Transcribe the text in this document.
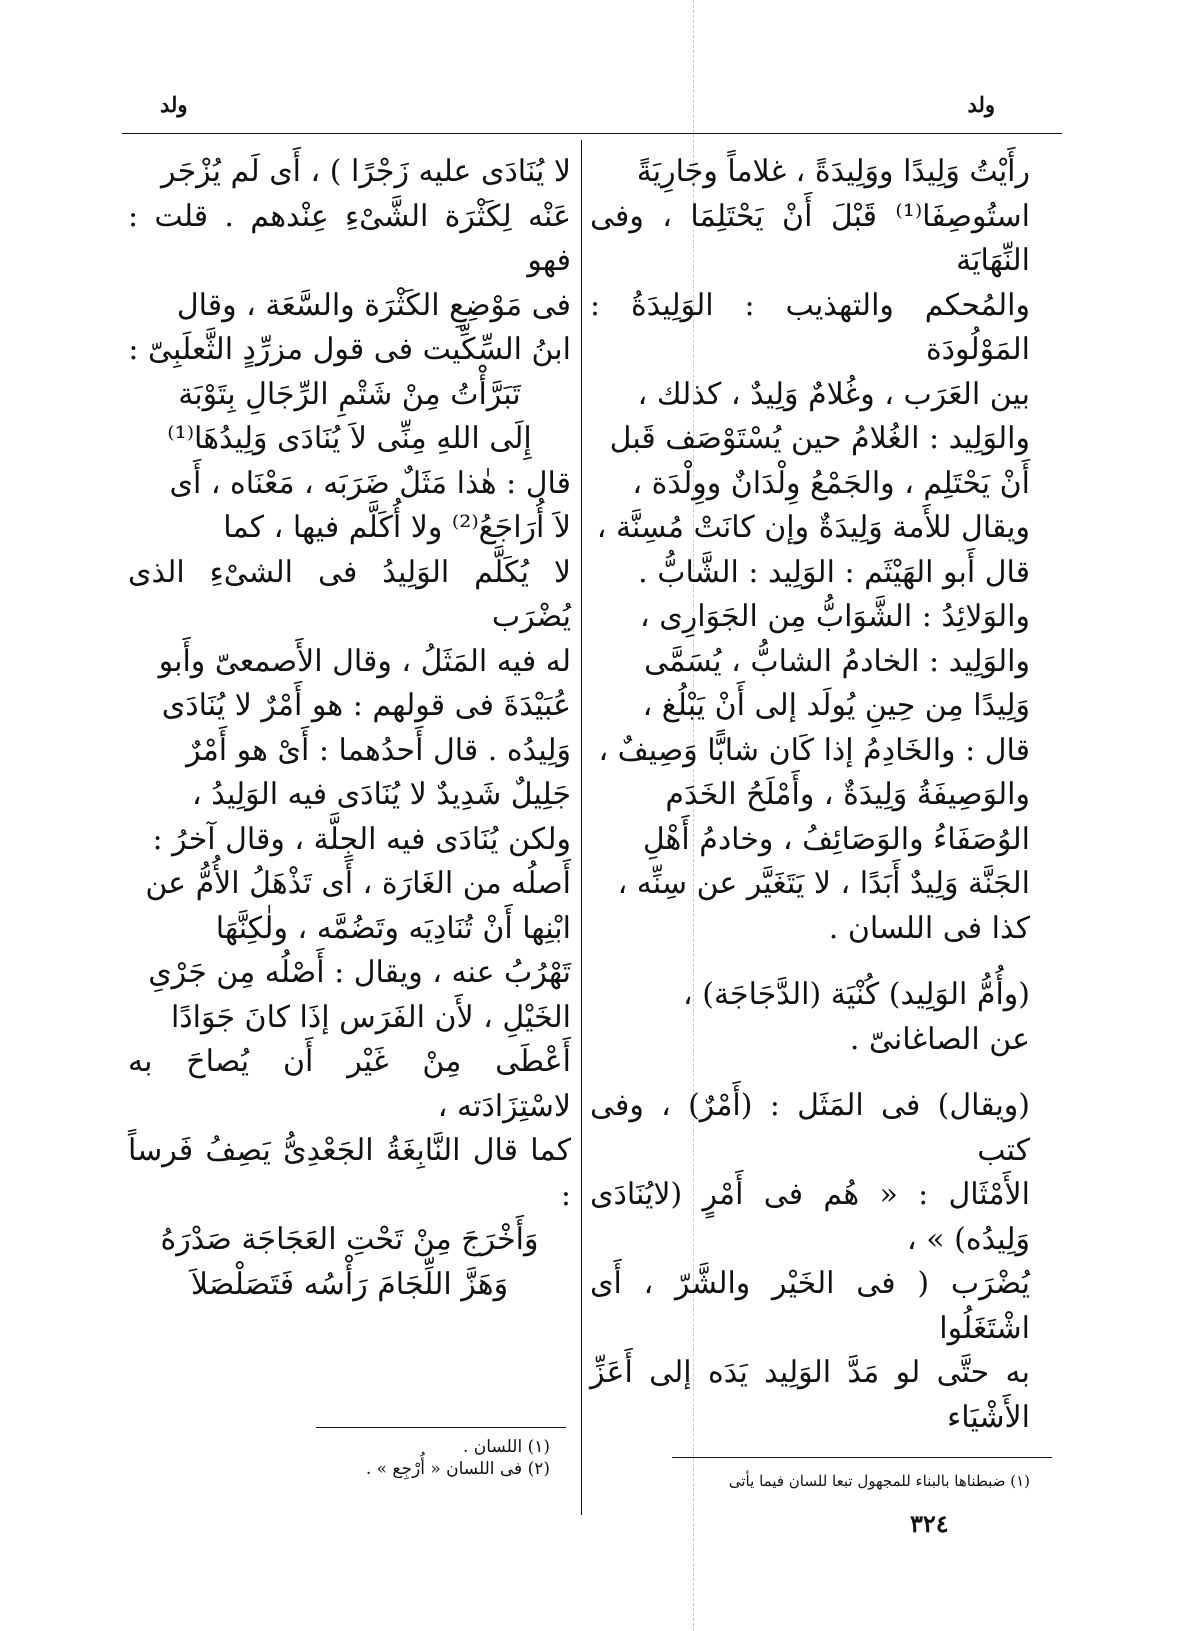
ولد
ولد

رأَيْتُ وَلِيدًا ووَلِيدَةً ، غلاماً وجَارِيَةً
استُوصِفَا⁽¹⁾ قَبْلَ أَنْ يَحْتَلِمَا ، وفى النِّهَايَة
والمُحكم والتهذيب : الوَلِيدَةُ : المَوْلُودَة
بين العَرَب ، وغُلامٌ وَلِيدٌ ، كذلك ،
والوَلِيد : الغُلامُ حين يُسْتَوْصَف قَبل
أَنْ يَحْتَلِم ، والجَمْعُ وِلْدَانٌ ووِلْدَة ،
ويقال للأَمة وَلِيدَةٌ وإن كانَتْ مُسِنَّة ،
قال أَبو الهَيْثَم : الوَلِيد : الشَّابُّ .
والوَلائِدُ : الشَّوَابُّ مِن الجَوَارِى ،
والوَلِيد : الخادمُ الشابُّ ، يُسَمَّى
وَلِيدًا مِن حِينِ يُولَد إلى أَنْ يَبْلُغ ،
قال : والخَادِمُ إذا كَان شابًّا وَصِيفٌ ،
والوَصِيفَةُ وَلِيدَةٌ ، وأَمْلَحُ الخَدَم
الوُصَفَاءُ والوَصَائِفُ ، وخادمُ أَهْلِ
الجَنَّة وَلِيدٌ أَبَدًا ، لا يَتَغَيَّر عن سِنِّه ،
كذا فى اللسان .

(وأُمُّ الوَلِيد) كُنْيَة (الدَّجَاجَة) ،
عن الصاغانىّ .

(ويقال) فى المَثَل : (أَمْرٌ) ، وفى كتب
الأَمْثَال : « هُم فى أَمْرٍ (لايُنَادَى وَلِيدُه) » ،
يُضْرَب ( فى الخَيْر والشَّرّ ، أَى اشْتَغَلُوا
به حتَّى لو مَدَّ الوَلِيد يَدَه إلى أَعَزِّ الأَشْيَاء

لا يُنَادَى عليه زَجْرًا ) ، أَى لَم يُزْجَر
عَنْه لِكَثْرَة الشَّىْءِ عِنْدهم . قلت : فهو
فى مَوْضِعِ الكَثْرَة والسَّعَة ، وقال
ابنُ السِّكِّيت فى قول مزرِّدٍ الثَّعلَبِىّ :

تَبَرَّأْتُ مِنْ شَتْمِ الرِّجَالِ بِتَوْبَة

إِلَى اللهِ مِنِّى لاَ يُنَادَى وَلِيدُهَا⁽¹⁾

قال : هٰذا مَثَلٌ ضَرَبَه ، مَعْنَاه ، أَى
لاَ أُرَاجَعُ⁽²⁾ ولا أُكَلَّم فيها ، كما
لا يُكَلَّم الوَلِيدُ فى الشىْءِ الذى يُضْرَب
له فيه المَثَلُ ، وقال الأَصمعىّ وأَبو
عُبَيْدَةَ فى قولهم : هو أَمْرٌ لا يُنَادَى
وَلِيدُه . قال أَحدُهما : أَىْ هو أَمْرٌ
جَلِيلٌ شَدِيدٌ لا يُنَادَى فيه الوَلِيدُ ،
ولكن يُنَادَى فيه الجِلَّة ، وقال آخرُ :
أَصلُه من الغَارَة ، أَى تَذْهَلُ الأُمُّ عن
ابْنِها أَنْ تُنَادِيَه وتَضُمَّه ، ولٰكِنَّهَا
تَهْرُبُ عنه ، ويقال : أَصْلُه مِن جَرْىِ
الخَيْلِ ، لأَن الفَرَس إذَا كانَ جَوَادًا
أَعْطَى مِنْ غَيْر أَن يُصاحَ به لاسْتِزَادَته ،
كما قال النَّابِغَةُ الجَعْدِىُّ يَصِفُ فَرساً :

وَأَخْرَجَ مِنْ تَحْتِ العَجَاجَة صَدْرَهُ

وَهَزَّ اللِّجَامَ رَأْسُه فَتَصَلْصَلاَ

(١) اللسان .

(٢) فى اللسان « أُرْجِع » .

(١) ضبطناها بالبناء للمجهول تبعا للسان فيما يأتى

٣٢٤
